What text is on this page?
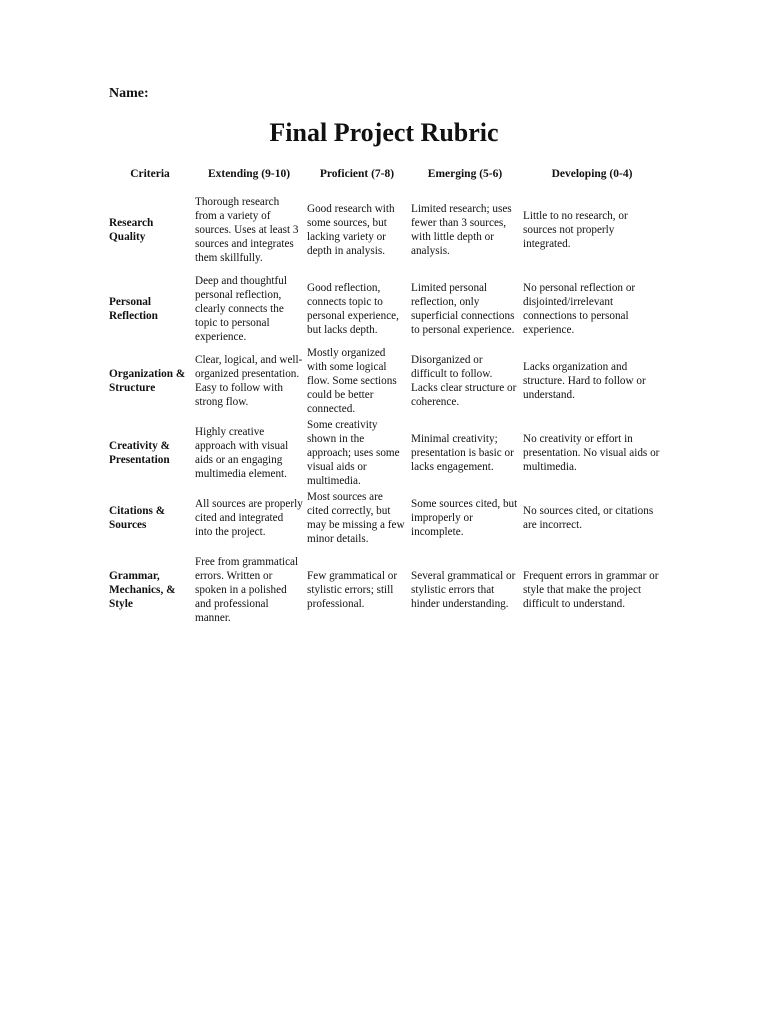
Name:
Final Project Rubric
Criteria	Extending (9-10)	Proficient (7-8)	Emerging (5-6)	Developing (0-4)
Research Quality	Thorough research from a variety of sources. Uses at least 3 sources and integrates them skillfully.	Good research with some sources, but lacking variety or depth in analysis.	Limited research; uses fewer than 3 sources, with little depth or analysis.	Little to no research, or sources not properly integrated.
Personal Reflection	Deep and thoughtful personal reflection, clearly connects the topic to personal experience.	Good reflection, connects topic to personal experience, but lacks depth.	Limited personal reflection, only superficial connections to personal experience.	No personal reflection or disjointed/irrelevant connections to personal experience.
Organization & Structure	Clear, logical, and well-organized presentation. Easy to follow with strong flow.	Mostly organized with some logical flow. Some sections could be better connected.	Disorganized or difficult to follow. Lacks clear structure or coherence.	Lacks organization and structure. Hard to follow or understand.
Creativity & Presentation	Highly creative approach with visual aids or an engaging multimedia element.	Some creativity shown in the approach; uses some visual aids or multimedia.	Minimal creativity; presentation is basic or lacks engagement.	No creativity or effort in presentation. No visual aids or multimedia.
Citations & Sources	All sources are properly cited and integrated into the project.	Most sources are cited correctly, but may be missing a few minor details.	Some sources cited, but improperly or incomplete.	No sources cited, or citations are incorrect.
Grammar, Mechanics, & Style	Free from grammatical errors. Written or spoken in a polished and professional manner.	Few grammatical or stylistic errors; still professional.	Several grammatical or stylistic errors that hinder understanding.	Frequent errors in grammar or style that make the project difficult to understand.
